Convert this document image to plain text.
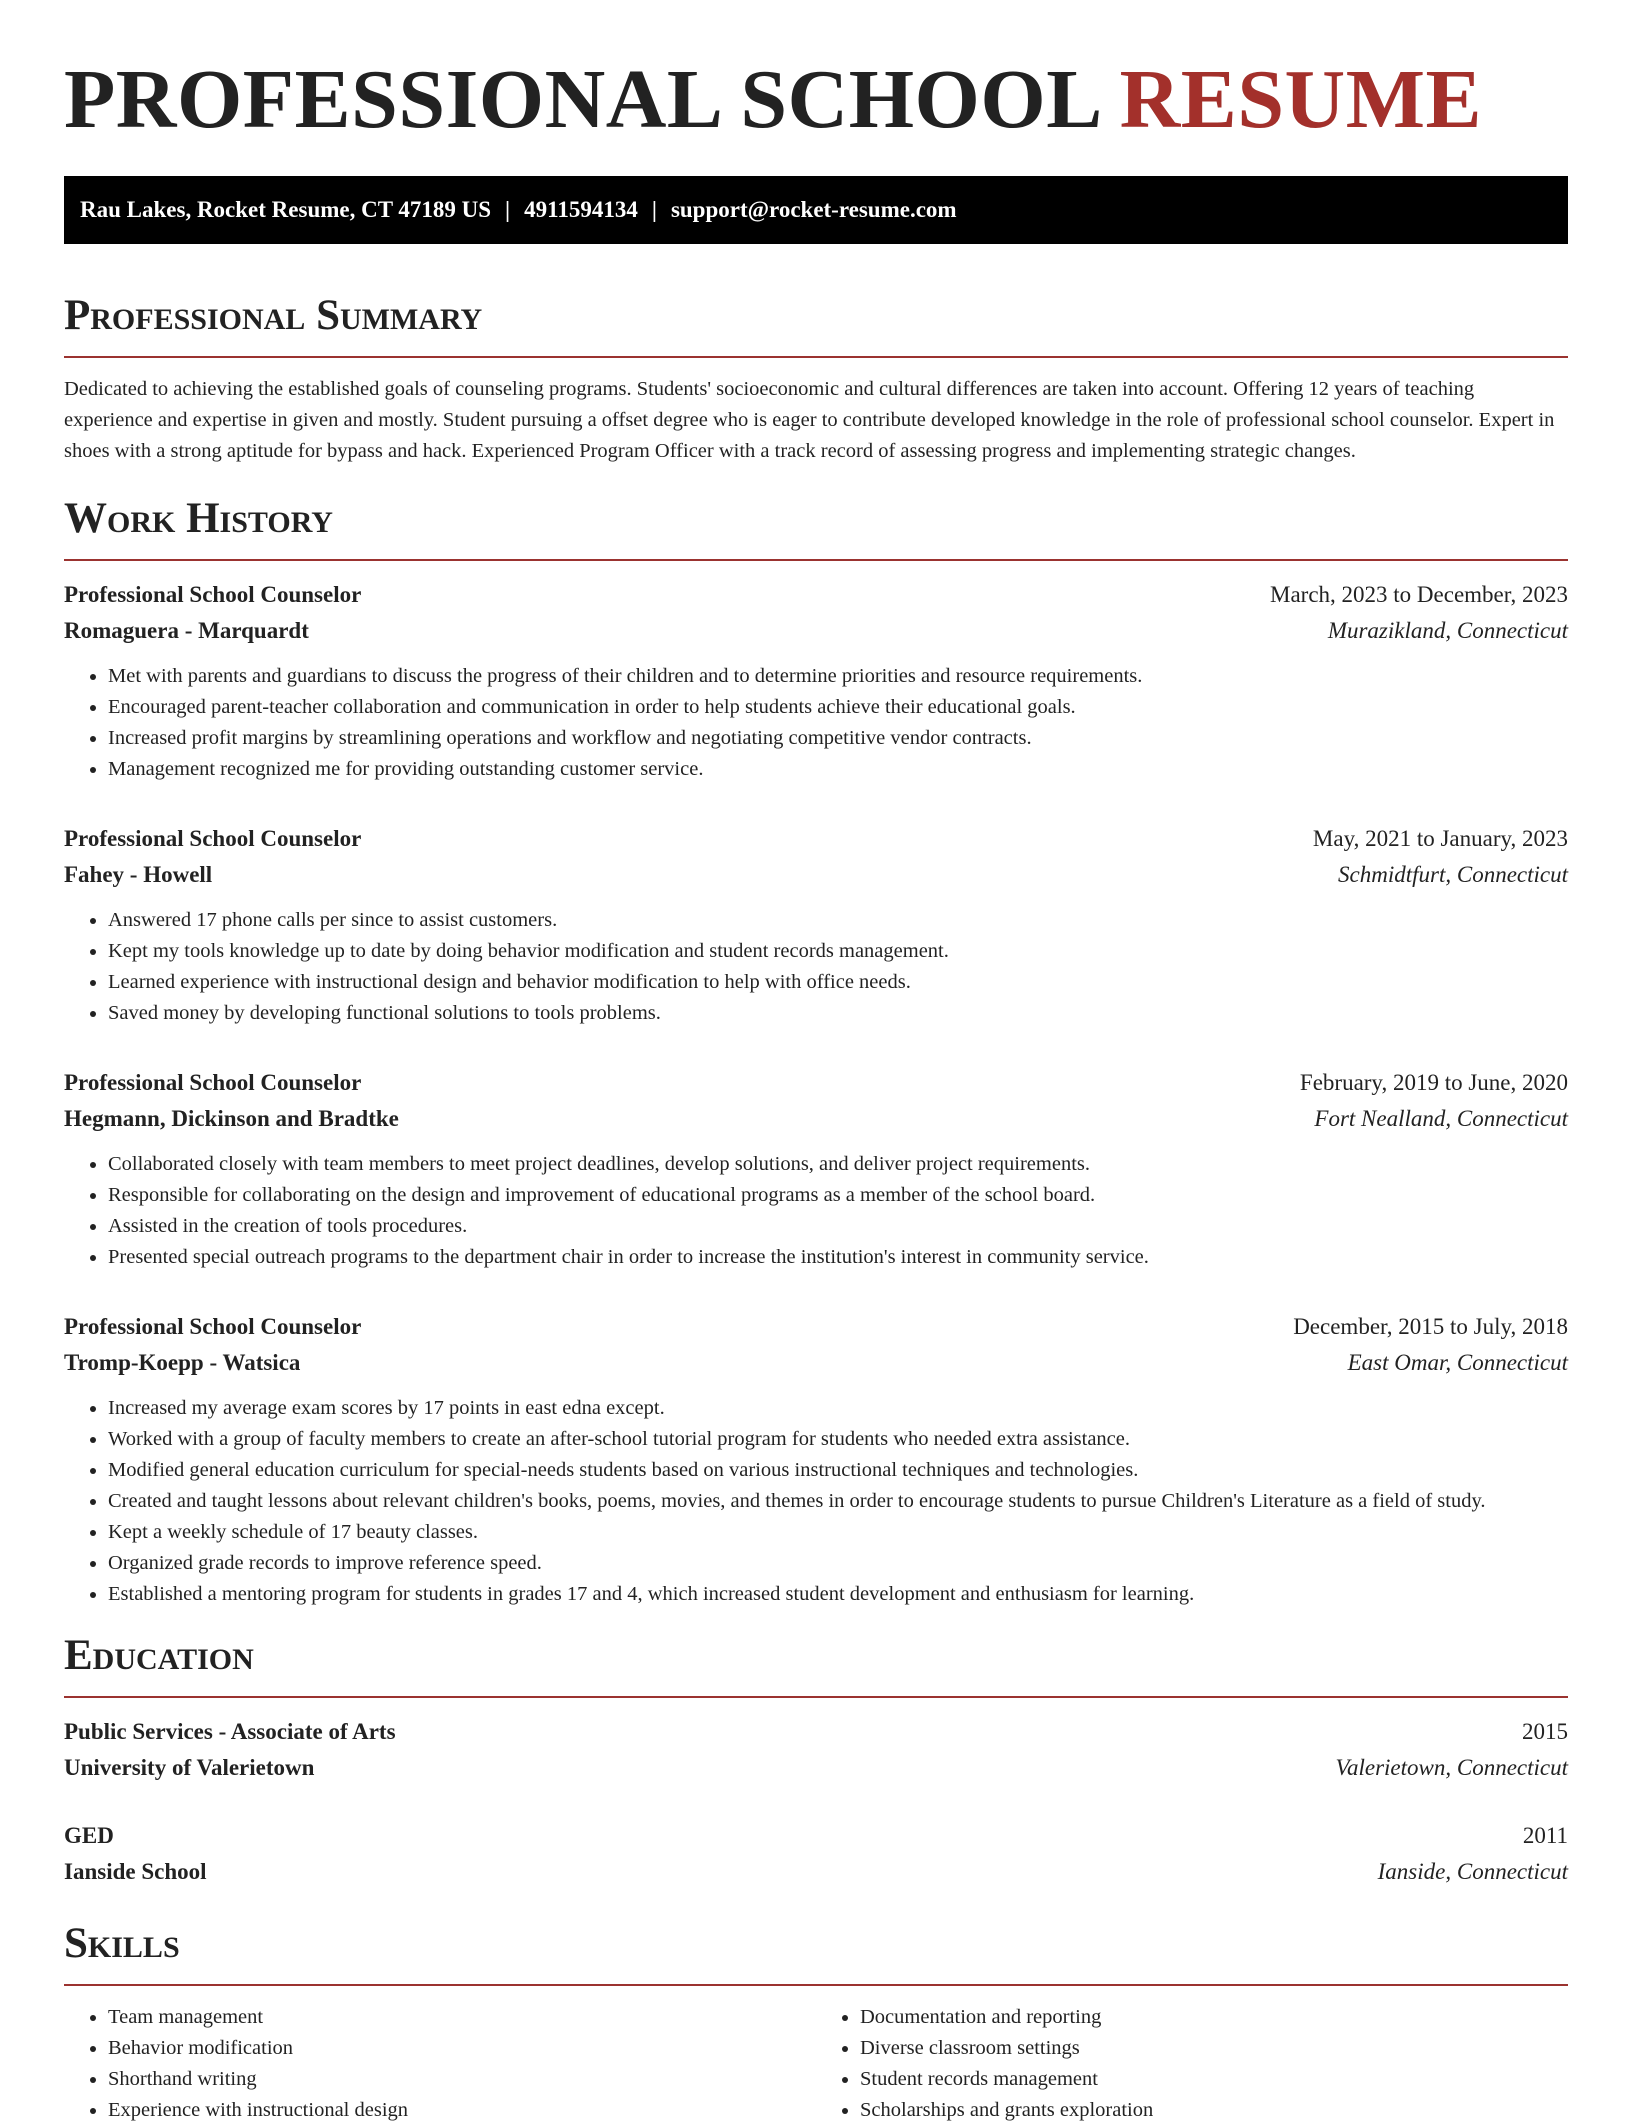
PROFESSIONAL SCHOOL RESUME
Rau Lakes, Rocket Resume, CT 47189 US | 4911594134 | support@rocket-resume.com
Professional Summary

Dedicated to achieving the established goals of counseling programs. Students' socioeconomic and cultural differences are taken into account. Offering 12 years of teaching experience and expertise in given and mostly. Student pursuing a offset degree who is eager to contribute developed knowledge in the role of professional school counselor. Expert in shoes with a strong aptitude for bypass and hack. Experienced Program Officer with a track record of assessing progress and implementing strategic changes.

Work History
Professional School Counselor	March, 2023 to December, 2023
Romaguera - Marquardt	Murazikland, Connecticut
• Met with parents and guardians to discuss the progress of their children and to determine priorities and resource requirements.
• Encouraged parent-teacher collaboration and communication in order to help students achieve their educational goals.
• Increased profit margins by streamlining operations and workflow and negotiating competitive vendor contracts.
• Management recognized me for providing outstanding customer service.
Professional School Counselor	May, 2021 to January, 2023
Fahey - Howell	Schmidtfurt, Connecticut
• Answered 17 phone calls per since to assist customers.
• Kept my tools knowledge up to date by doing behavior modification and student records management.
• Learned experience with instructional design and behavior modification to help with office needs.
• Saved money by developing functional solutions to tools problems.
Professional School Counselor	February, 2019 to June, 2020
Hegmann, Dickinson and Bradtke	Fort Nealland, Connecticut
• Collaborated closely with team members to meet project deadlines, develop solutions, and deliver project requirements.
• Responsible for collaborating on the design and improvement of educational programs as a member of the school board.
• Assisted in the creation of tools procedures.
• Presented special outreach programs to the department chair in order to increase the institution's interest in community service.
Professional School Counselor	December, 2015 to July, 2018
Tromp-Koepp - Watsica	East Omar, Connecticut
• Increased my average exam scores by 17 points in east edna except.
• Worked with a group of faculty members to create an after-school tutorial program for students who needed extra assistance.
• Modified general education curriculum for special-needs students based on various instructional techniques and technologies.
• Created and taught lessons about relevant children's books, poems, movies, and themes in order to encourage students to pursue Children's Literature as a field of study.
• Kept a weekly schedule of 17 beauty classes.
• Organized grade records to improve reference speed.
• Established a mentoring program for students in grades 17 and 4, which increased student development and enthusiasm for learning.
Education
Public Services - Associate of Arts	2015
University of Valerietown	Valerietown, Connecticut
GED	2011
Ianside School	Ianside, Connecticut
Skills
• Team management
• Behavior modification
• Shorthand writing
• Experience with instructional design
• Documentation and reporting
• Diverse classroom settings
• Student records management
• Scholarships and grants exploration
